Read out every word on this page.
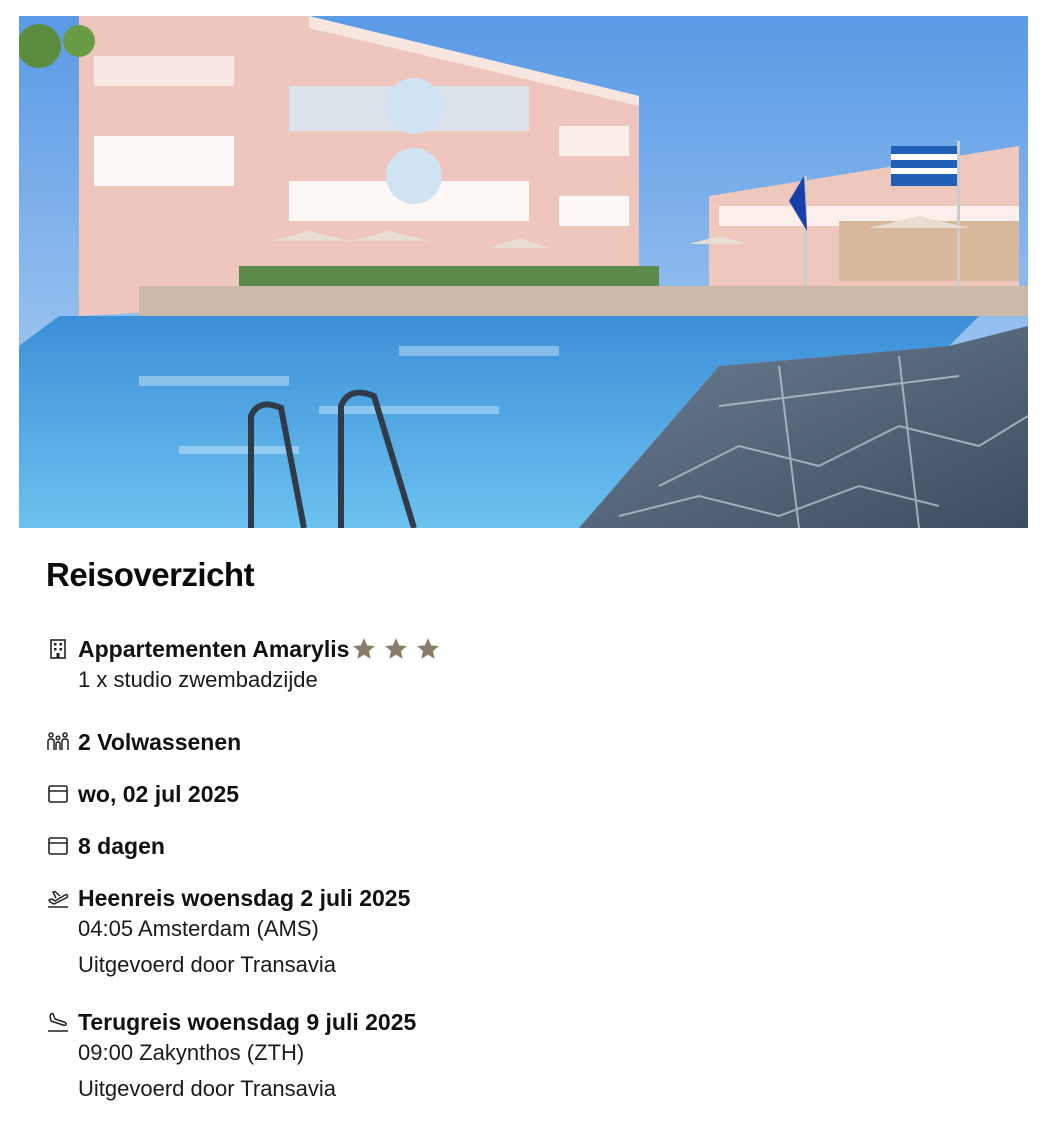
Reisoverzicht
Appartementen Amarylis
1 x studio zwembadzijde
2 Volwassenen
wo, 02 jul 2025
8 dagen
Heenreis woensdag 2 juli 2025
04:05 Amsterdam (AMS)
Uitgevoerd door Transavia
Terugreis woensdag 9 juli 2025
09:00 Zakynthos (ZTH)
Uitgevoerd door Transavia
